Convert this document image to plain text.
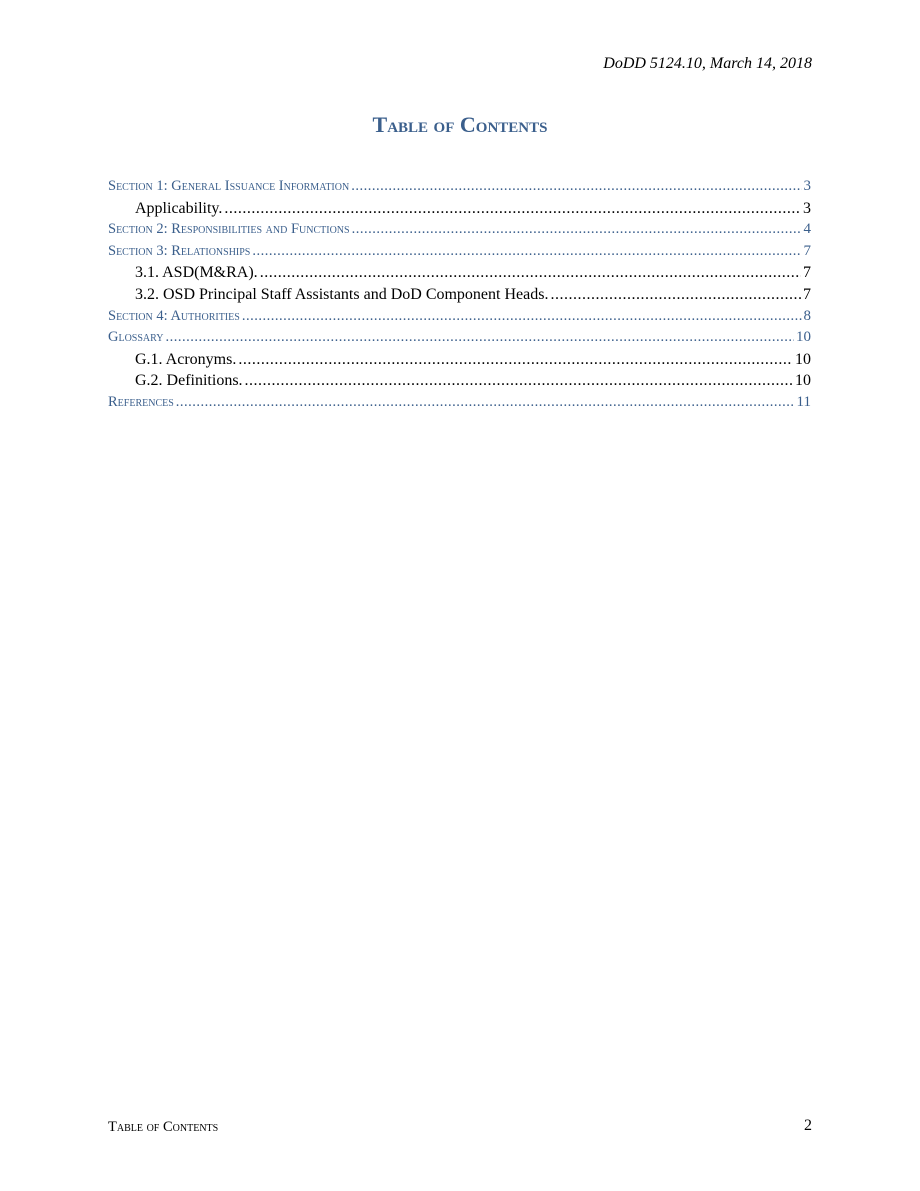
DoDD 5124.10, March 14, 2018
Table of Contents
Section 1: General Issuance Information .....	3
Applicability. .....	3
Section 2: Responsibilities and Functions .....	4
Section 3: Relationships .....	7
3.1. ASD(M&RA). .....	7
3.2. OSD Principal Staff Assistants and DoD Component Heads. .....	7
Section 4: Authorities .....	8
Glossary .....	10
G.1. Acronyms. .....	10
G.2. Definitions. .....	10
References .....	11
Table of Contents	2
